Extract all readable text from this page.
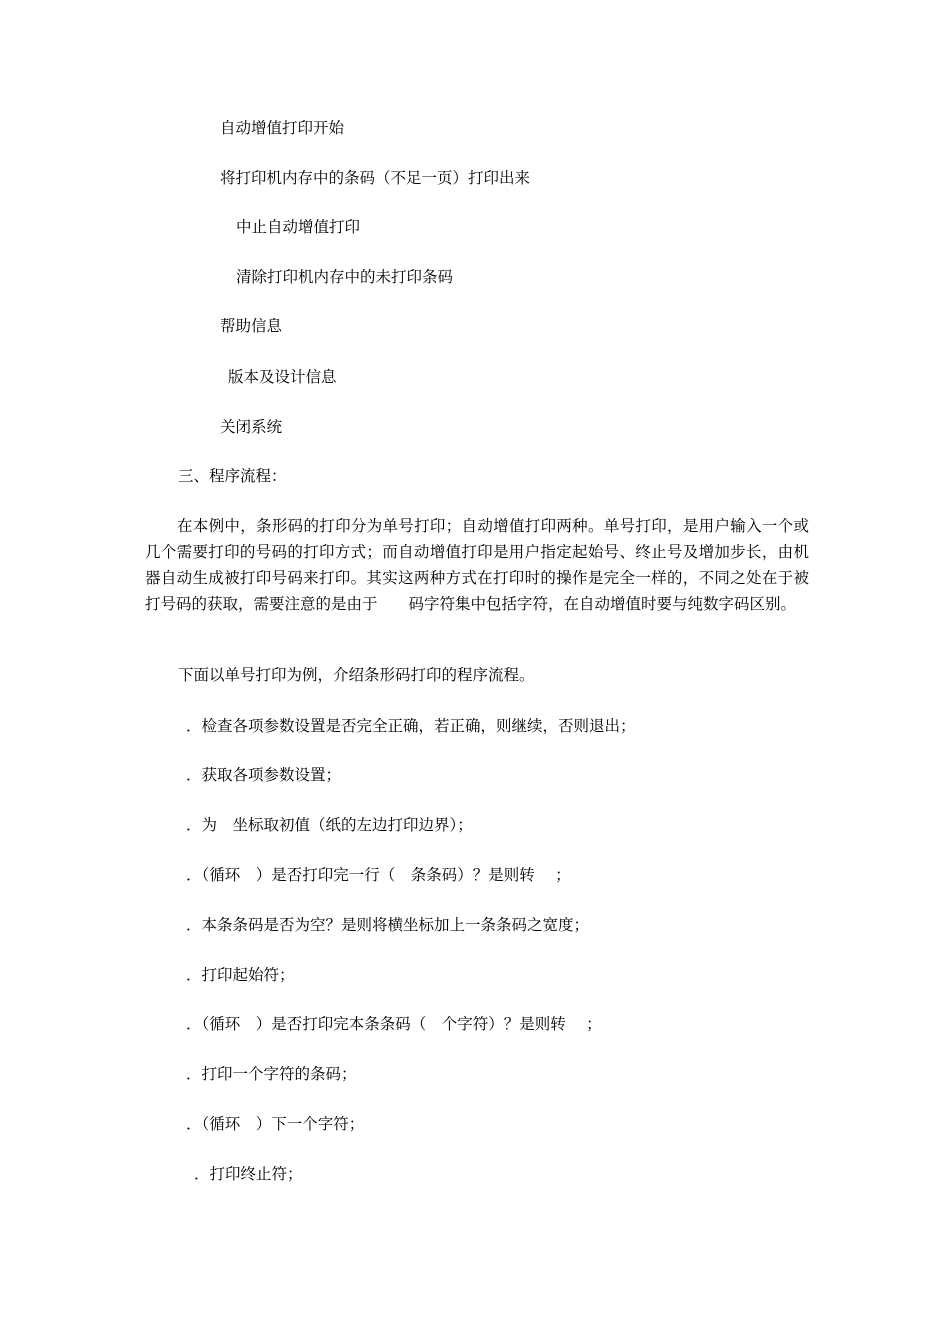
自动增值打印开始

将打印机内存中的条码（不足一页）打印出来

中止自动增值打印

清除打印机内存中的未打印条码

帮助信息

版本及设计信息

关闭系统

三、程序流程：

在本例中，条形码的打印分为单号打印；自动增值打印两种。单号打印，是用户输入一个或几个需要打印的号码的打印方式；而自动增值打印是用户指定起始号、终止号及增加步长，由机器自动生成被打印号码来打印。其实这两种方式在打印时的操作是完全一样的，不同之处在于被打号码的获取，需要注意的是由于　　码字符集中包括字符，在自动增值时要与纯数字码区别。

下面以单号打印为例，介绍条形码打印的程序流程。

．检查各项参数设置是否完全正确，若正确，则继续，否则退出；

．获取各项参数设置；

．为　坐标取初值（纸的左边打印边界）；

．（循环　）是否打印完一行（　条条码）？是则转　 ；

．本条条码是否为空？是则将横坐标加上一条条码之宽度；

．打印起始符；

．（循环　）是否打印完本条条码（　个字符）？是则转　 ；

．打印一个字符的条码；

．（循环　）下一个字符；

．打印终止符；
